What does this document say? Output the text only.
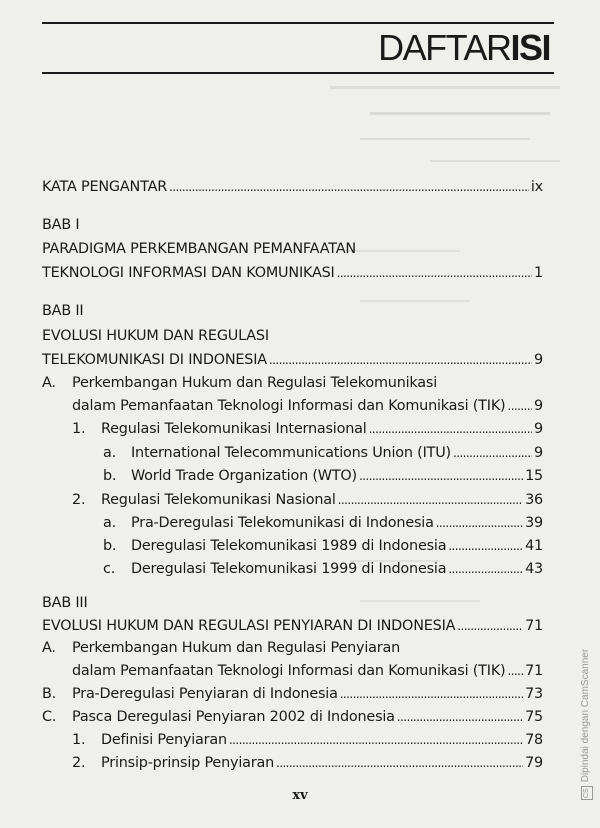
DAFTARISI
KATA PENGANTAR . . .	ix
BAB I
PARADIGMA PERKEMBANGAN PEMANFAATAN
TEKNOLOGI INFORMASI DAN KOMUNIKASI . . .	1
BAB II
EVOLUSI HUKUM DAN REGULASI
TELEKOMUNIKASI DI INDONESIA . . .	9
A. Perkembangan Hukum dan Regulasi Telekomunikasi
dalam Pemanfaatan Teknologi Informasi dan Komunikasi (TIK) . . . 9
1. Regulasi Telekomunikasi Internasional . . .	9
a. International Telecommunications Union (ITU) . . .	9
b. World Trade Organization (WTO) . . .	15
2. Regulasi Telekomunikasi Nasional . . .	36
a. Pra-Deregulasi Telekomunikasi di Indonesia . . .	39
b. Deregulasi Telekomunikasi 1989 di Indonesia . . .	41
c. Deregulasi Telekomunikasi 1999 di Indonesia . . .	43
BAB III
EVOLUSI HUKUM DAN REGULASI PENYIARAN DI INDONESIA . . .	71
A. Perkembangan Hukum dan Regulasi Penyiaran
dalam Pemanfaatan Teknologi Informasi dan Komunikasi (TIK) . . . 71
B. Pra-Deregulasi Penyiaran di Indonesia . . .	73
C. Pasca Deregulasi Penyiaran 2002 di Indonesia . . .	75
1. Definisi Penyiaran . . .	78
2. Prinsip-prinsip Penyiaran . . .	79
xv	CSDipindai dengan CamScanner
